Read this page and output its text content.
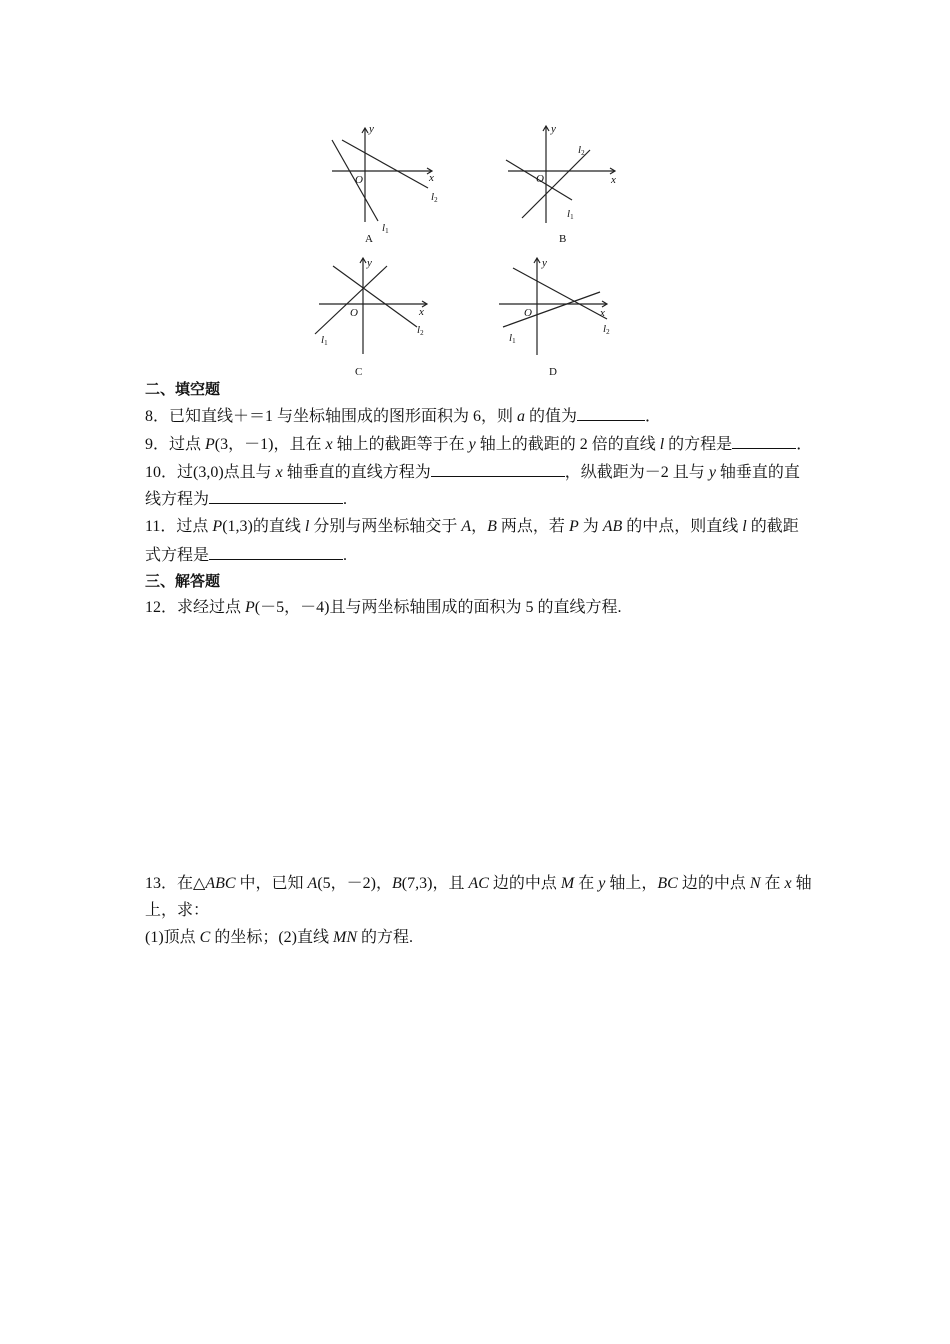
y
x
O
l1
l2
A
y
x
O
l1
l2
B
y
x
O
l1
l2
C
y
x
O
l1
l2
D
二、填空题
8．已知直线＋＝1 与坐标轴围成的图形面积为 6，则 a 的值为	．
9．过点 P(3，－1)，且在 x 轴上的截距等于在 y 轴上的截距的 2 倍的直线 l 的方程是	．
10．过(3,0)点且与 x 轴垂直的直线方程为	，纵截距为－2 且与 y 轴垂直的直
线方程为	.
11．过点 P(1,3)的直线 l 分别与两坐标轴交于 A，B 两点，若 P 为 AB 的中点，则直线 l 的截距
式方程是	.
三、解答题
12．求经过点 P(－5，－4)且与两坐标轴围成的面积为 5 的直线方程.
13．在△ABC 中，已知 A(5，－2)，B(7,3)，且 AC 边的中点 M 在 y 轴上，BC 边的中点 N 在 x 轴
上，求：
(1)顶点 C 的坐标；(2)直线 MN 的方程.
